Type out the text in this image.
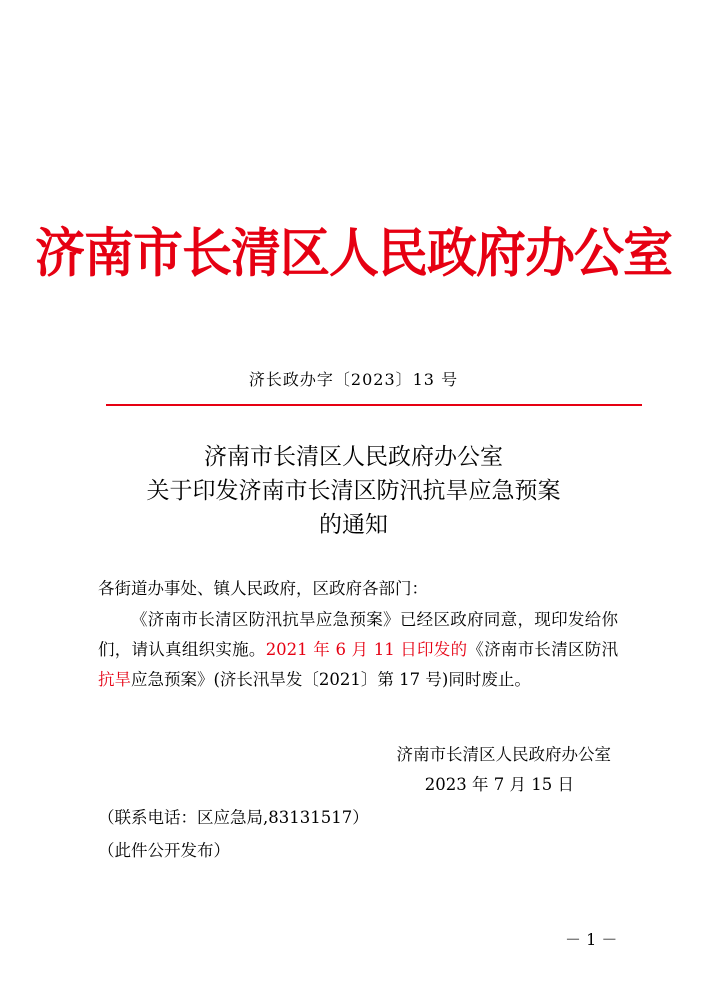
济南市长清区人民政府办公室
济长政办字〔2023〕13 号
济南市长清区人民政府办公室
关于印发济南市长清区防汛抗旱应急预案
的通知
各街道办事处、镇人民政府，区政府各部门：
《济南市长清区防汛抗旱应急预案》已经区政府同意，现印发给你们，请认真组织实施。2021 年 6 月 11 日印发的《济南市长清区防汛抗旱应急预案》(济长汛旱发〔2021〕第 17 号)同时废止。
济南市长清区人民政府办公室
2023 年 7 月 15 日
（联系电话：区应急局,83131517）
（此件公开发布）
－ 1 －
